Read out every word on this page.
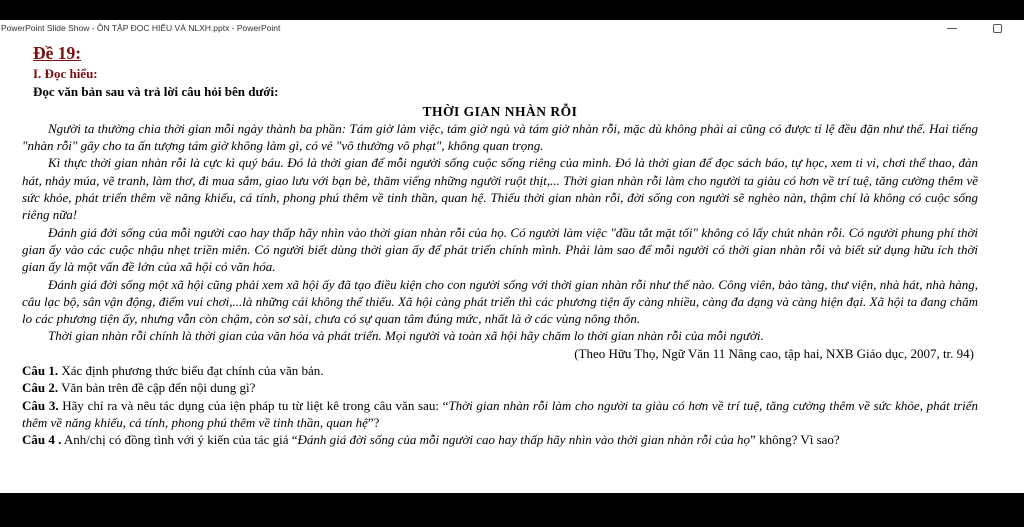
PowerPoint Slide Show - ÔN TẬP ĐỌC HIỂU VÀ NLXH.pptx - PowerPoint
Đề 19:
I. Đọc hiểu:
Đọc văn bản sau và trả lời câu hỏi bên dưới:
THỜI GIAN NHÀN RỖI

Người ta thường chia thời gian mỗi ngày thành ba phần: Tám giờ làm việc, tám giờ ngủ và tám giờ nhàn rỗi, mặc dù không phải ai cũng có được tỉ lệ đều đặn như thế. Hai tiếng "nhàn rỗi" gây cho ta ấn tượng tám giờ không làm gì, có vẻ "vô thưởng vô phạt", không quan trọng.

Kì thực thời gian nhàn rỗi là cực kì quý báu. Đó là thời gian để mỗi người sống cuộc sống riêng của mình. Đó là thời gian để đọc sách báo, tự học, xem ti vi, chơi thể thao, đàn hát, nhảy múa, vẽ tranh, làm thơ, đi mua sắm, giao lưu với bạn bè, thăm viếng những người ruột thịt,... Thời gian nhàn rỗi làm cho người ta giàu có hơn về trí tuệ, tăng cường thêm về sức khỏe, phát triển thêm về năng khiếu, cá tính, phong phú thêm về tinh thần, quan hệ. Thiếu thời gian nhàn rỗi, đời sống con người sẽ nghèo nàn, thậm chí là không có cuộc sống riêng nữa!

Đánh giá đời sống của mỗi người cao hay thấp hãy nhìn vào thời gian nhàn rỗi của họ. Có người làm việc "đầu tắt mặt tối" không có lấy chút nhàn rỗi. Có người phung phí thời gian ấy vào các cuộc nhậu nhẹt triền miên. Có người biết dùng thời gian ấy để phát triển chính mình. Phải làm sao để mỗi người có thời gian nhàn rỗi và biết sử dụng hữu ích thời gian ấy là một vấn đề lớn của xã hội có văn hóa.

Đánh giá đời sống một xã hội cũng phải xem xã hội ấy đã tạo điều kiện cho con người sống với thời gian nhàn rỗi như thế nào. Công viên, bảo tàng, thư viện, nhà hát, nhà hàng, câu lạc bộ, sân vận động, điểm vui chơi,...là những cái không thể thiếu. Xã hội càng phát triển thì các phương tiện ấy càng nhiều, càng đa dạng và càng hiện đại. Xã hội ta đang chăm lo các phương tiện ấy, nhưng vẫn còn chậm, còn sơ sài, chưa có sự quan tâm đúng mức, nhất là ở các vùng nông thôn.

Thời gian nhàn rỗi chính là thời gian của văn hóa và phát triển. Mọi người và toàn xã hội hãy chăm lo thời gian nhàn rỗi của mỗi người.

(Theo Hữu Thọ, Ngữ Văn 11 Nâng cao, tập hai, NXB Giáo dục, 2007, tr. 94)

Câu 1. Xác định phương thức biểu đạt chính của văn bản.

Câu 2. Văn bản trên đề cập đến nội dung gì?

Câu 3. Hãy chỉ ra và nêu tác dụng của iện pháp tu từ liệt kê trong câu văn sau: “Thời gian nhàn rỗi làm cho người ta giàu có hơn về trí tuệ, tăng cường thêm về sức khỏe, phát triển thêm về năng khiếu, cá tính, phong phú thêm về tinh thần, quan hệ”?

Câu 4 . Anh/chị có đồng tình với ý kiến của tác giả “Đánh giá đời sống của mỗi người cao hay thấp hãy nhìn vào thời gian nhàn rỗi của họ” không? Vì sao?
